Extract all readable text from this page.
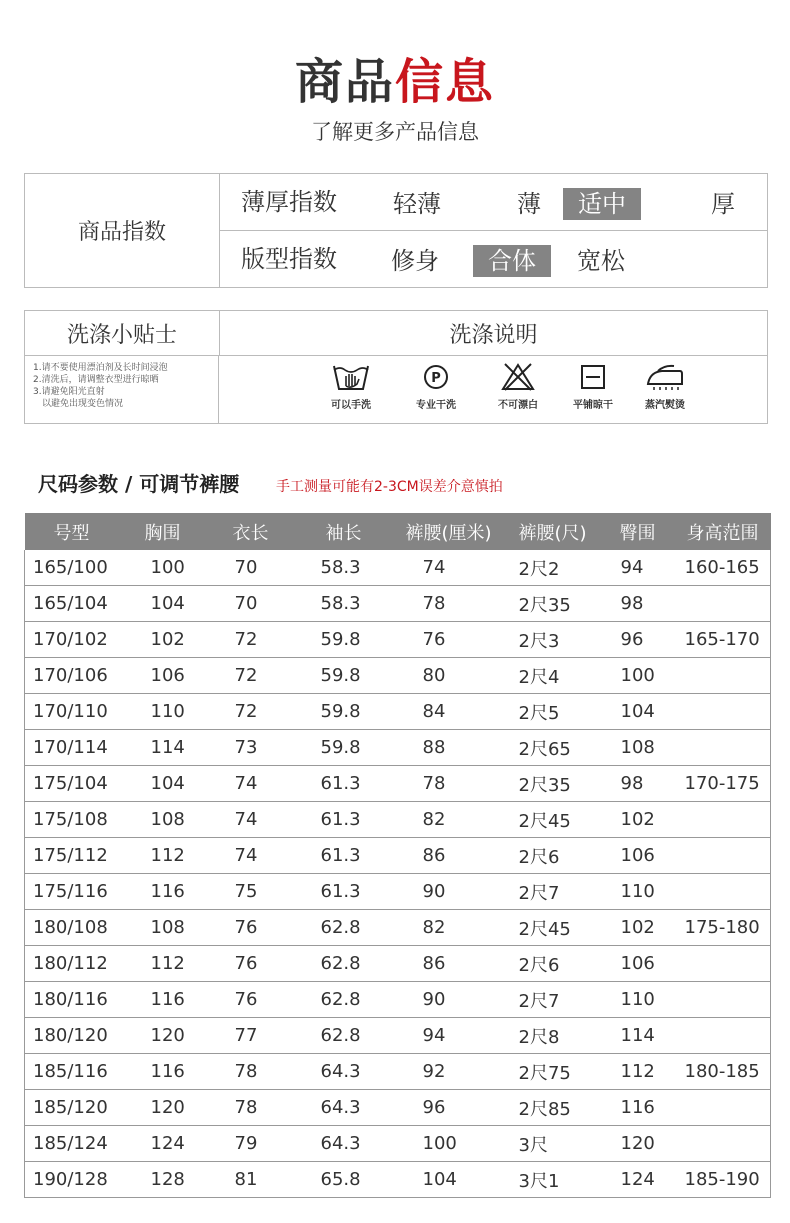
商品信息
了解更多产品信息
商品指数
薄厚指数 轻薄	薄	适中	厚
版型指数 修身	合体	宽松
洗涤小贴士	洗涤说明
1.请不要使用漂泊剂及长时间浸泡
2.清洗后，请调整衣型进行晾晒
3.请避免阳光直射
以避免出现变色情况	可以手洗
P
专业干洗	不可漂白	平铺晾干	蒸汽熨烫
尺码参数 / 可调节裤腰	手工测量可能有2-3CM误差介意慎拍
号型	胸围	衣长	袖长	裤腰(厘米)	裤腰(尺)	臀围	身高范围
165/100	100	70	58.3	74	2尺2	94	160-165
165/104	104	70	58.3	78	2尺35	98	
170/102	102	72	59.8	76	2尺3	96	165-170
170/106	106	72	59.8	80	2尺4	100	
170/110	110	72	59.8	84	2尺5	104	
170/114	114	73	59.8	88	2尺65	108	
175/104	104	74	61.3	78	2尺35	98	170-175
175/108	108	74	61.3	82	2尺45	102	
175/112	112	74	61.3	86	2尺6	106	
175/116	116	75	61.3	90	2尺7	110	
180/108	108	76	62.8	82	2尺45	102	175-180
180/112	112	76	62.8	86	2尺6	106	
180/116	116	76	62.8	90	2尺7	110	
180/120	120	77	62.8	94	2尺8	114	
185/116	116	78	64.3	92	2尺75	112	180-185
185/120	120	78	64.3	96	2尺85	116	
185/124	124	79	64.3	100	3尺	120	
190/128	128	81	65.8	104	3尺1	124	185-190
